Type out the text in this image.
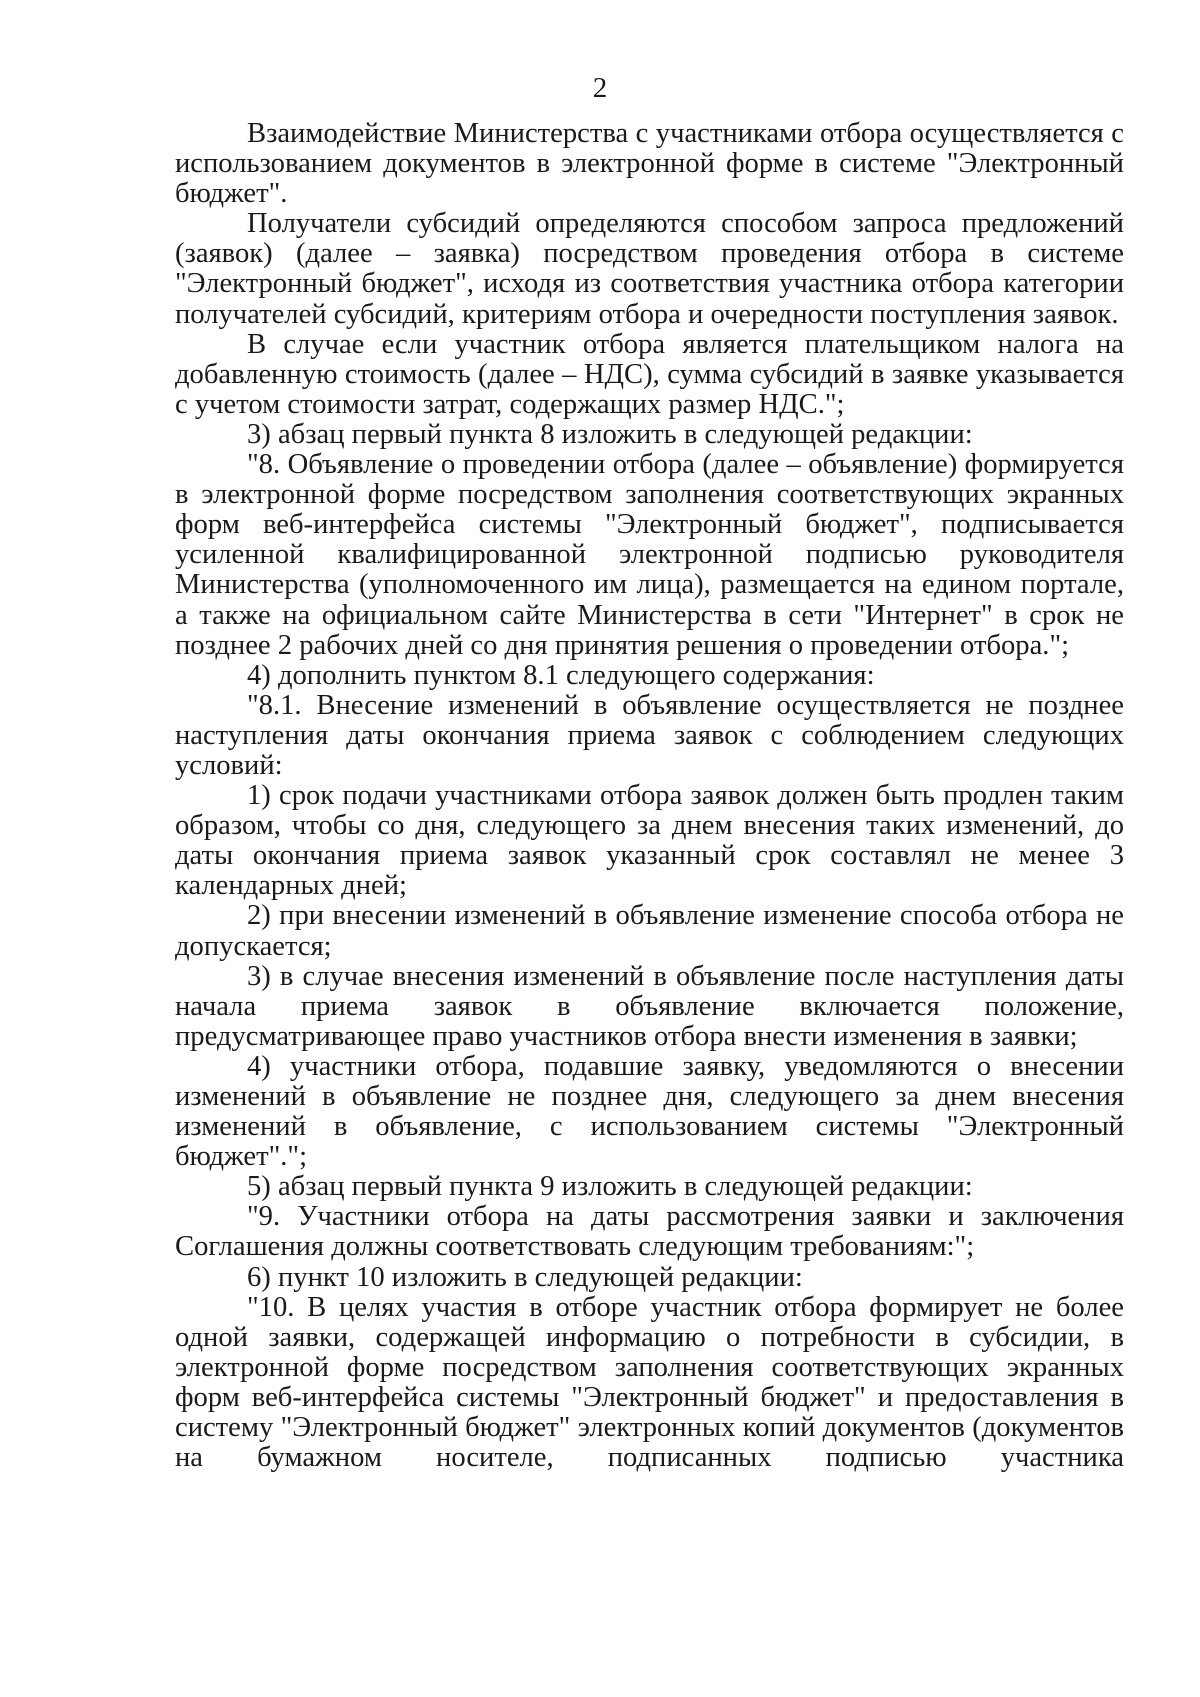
2

Взаимодействие Министерства с участниками отбора осуществляется с использованием документов в электронной форме в системе "Электронный бюджет".

Получатели субсидий определяются способом запроса предложений (заявок) (далее – заявка) посредством проведения отбора в системе "Электронный бюджет", исходя из соответствия участника отбора категории получателей субсидий, критериям отбора и очередности поступления заявок.

В случае если участник отбора является плательщиком налога на добавленную стоимость (далее – НДС), сумма субсидий в заявке указывается с учетом стоимости затрат, содержащих размер НДС.";

3) абзац первый пункта 8 изложить в следующей редакции:

"8. Объявление о проведении отбора (далее – объявление) формируется в электронной форме посредством заполнения соответствующих экранных форм веб-интерфейса системы "Электронный бюджет", подписывается усиленной квалифицированной электронной подписью руководителя Министерства (уполномоченного им лица), размещается на едином портале, а также на официальном сайте Министерства в сети "Интернет" в срок не позднее 2 рабочих дней со дня принятия решения о проведении отбора.";

4) дополнить пунктом 8.1 следующего содержания:

"8.1. Внесение изменений в объявление осуществляется не позднее наступления даты окончания приема заявок с соблюдением следующих условий:

1) срок подачи участниками отбора заявок должен быть продлен таким образом, чтобы со дня, следующего за днем внесения таких изменений, до даты окончания приема заявок указанный срок составлял не менее 3 календарных дней;

2) при внесении изменений в объявление изменение способа отбора не допускается;

3) в случае внесения изменений в объявление после наступления даты начала приема заявок в объявление включается положение, предусматривающее право участников отбора внести изменения в заявки;

4) участники отбора, подавшие заявку, уведомляются о внесении изменений в объявление не позднее дня, следующего за днем внесения изменений в объявление, с использованием системы "Электронный бюджет".";

5) абзац первый пункта 9 изложить в следующей редакции:

"9. Участники отбора на даты рассмотрения заявки и заключения Соглашения должны соответствовать следующим требованиям:";

6) пункт 10 изложить в следующей редакции:

"10. В целях участия в отборе участник отбора формирует не более одной заявки, содержащей информацию о потребности в субсидии, в электронной форме посредством заполнения соответствующих экранных форм веб-интерфейса системы "Электронный бюджет" и предоставления в систему "Электронный бюджет" электронных копий документов (документов на бумажном носителе, подписанных подписью участника
